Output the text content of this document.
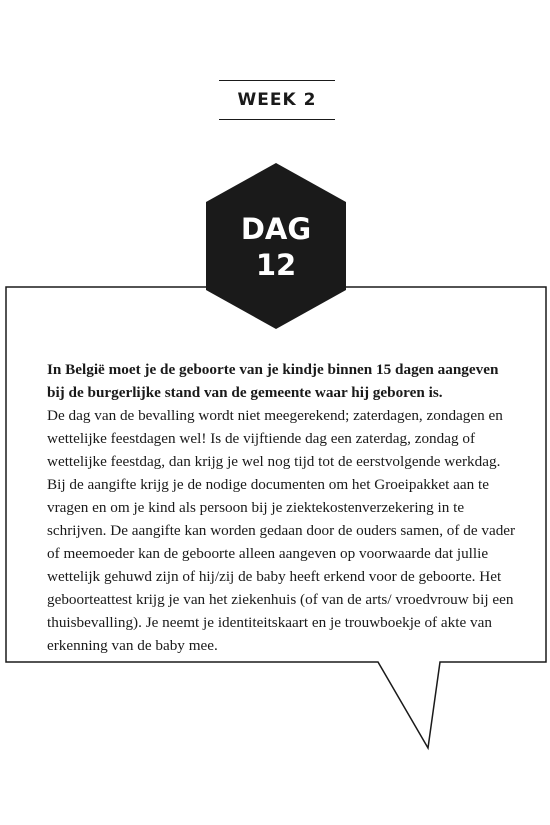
WEEK 2
DAG
12
In België moet je de geboorte van je kindje binnen 15 dagen aangeven bij de burgerlijke stand van de gemeente waar hij geboren is.
De dag van de bevalling wordt niet meegerekend; zaterdagen, zondagen en wettelijke feestdagen wel! Is de vijftiende dag een zaterdag, zondag of wettelijke feestdag, dan krijg je wel nog tijd tot de eerstvolgende werkdag. Bij de aangifte krijg je de nodige documenten om het Groeipakket aan te vragen en om je kind als persoon bij je ziektekostenverzekering in te schrijven. De aangifte kan worden gedaan door de ouders samen, of de vader of meemoeder kan de geboorte alleen aangeven op voorwaarde dat jullie wettelijk gehuwd zijn of hij/zij de baby heeft erkend voor de geboorte. Het geboorteattest krijg je van het ziekenhuis (of van de arts/ vroedvrouw bij een thuisbevalling). Je neemt je identiteitskaart en je trouwboekje of akte van erkenning van de baby mee.
